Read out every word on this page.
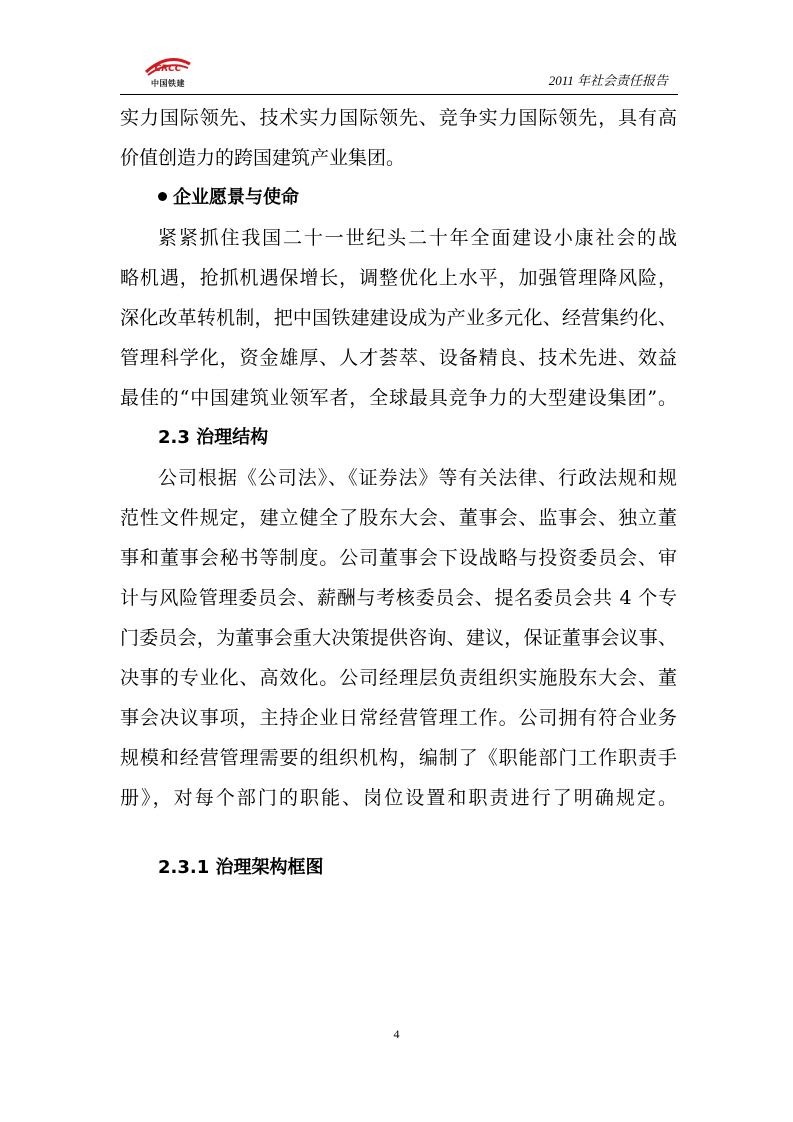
CRCC
中国铁建	2011 年社会责任报告
实力国际领先、技术实力国际领先、竞争实力国际领先，具有高
价值创造力的跨国建筑产业集团。
企业愿景与使命
紧紧抓住我国二十一世纪头二十年全面建设小康社会的战
略机遇，抢抓机遇保增长，调整优化上水平，加强管理降风险，
深化改革转机制，把中国铁建建设成为产业多元化、经营集约化、
管理科学化，资金雄厚、人才荟萃、设备精良、技术先进、效益
最佳的“中国建筑业领军者，全球最具竞争力的大型建设集团”。
2.3 治理结构
公司根据《公司法》、《证券法》等有关法律、行政法规和规
范性文件规定，建立健全了股东大会、董事会、监事会、独立董
事和董事会秘书等制度。公司董事会下设战略与投资委员会、审
计与风险管理委员会、薪酬与考核委员会、提名委员会共 4 个专
门委员会，为董事会重大决策提供咨询、建议，保证董事会议事、
决事的专业化、高效化。公司经理层负责组织实施股东大会、董
事会决议事项，主持企业日常经营管理工作。公司拥有符合业务
规模和经营管理需要的组织机构，编制了《职能部门工作职责手
册》，对每个部门的职能、岗位设置和职责进行了明确规定。
2.3.1 治理架构框图
4
